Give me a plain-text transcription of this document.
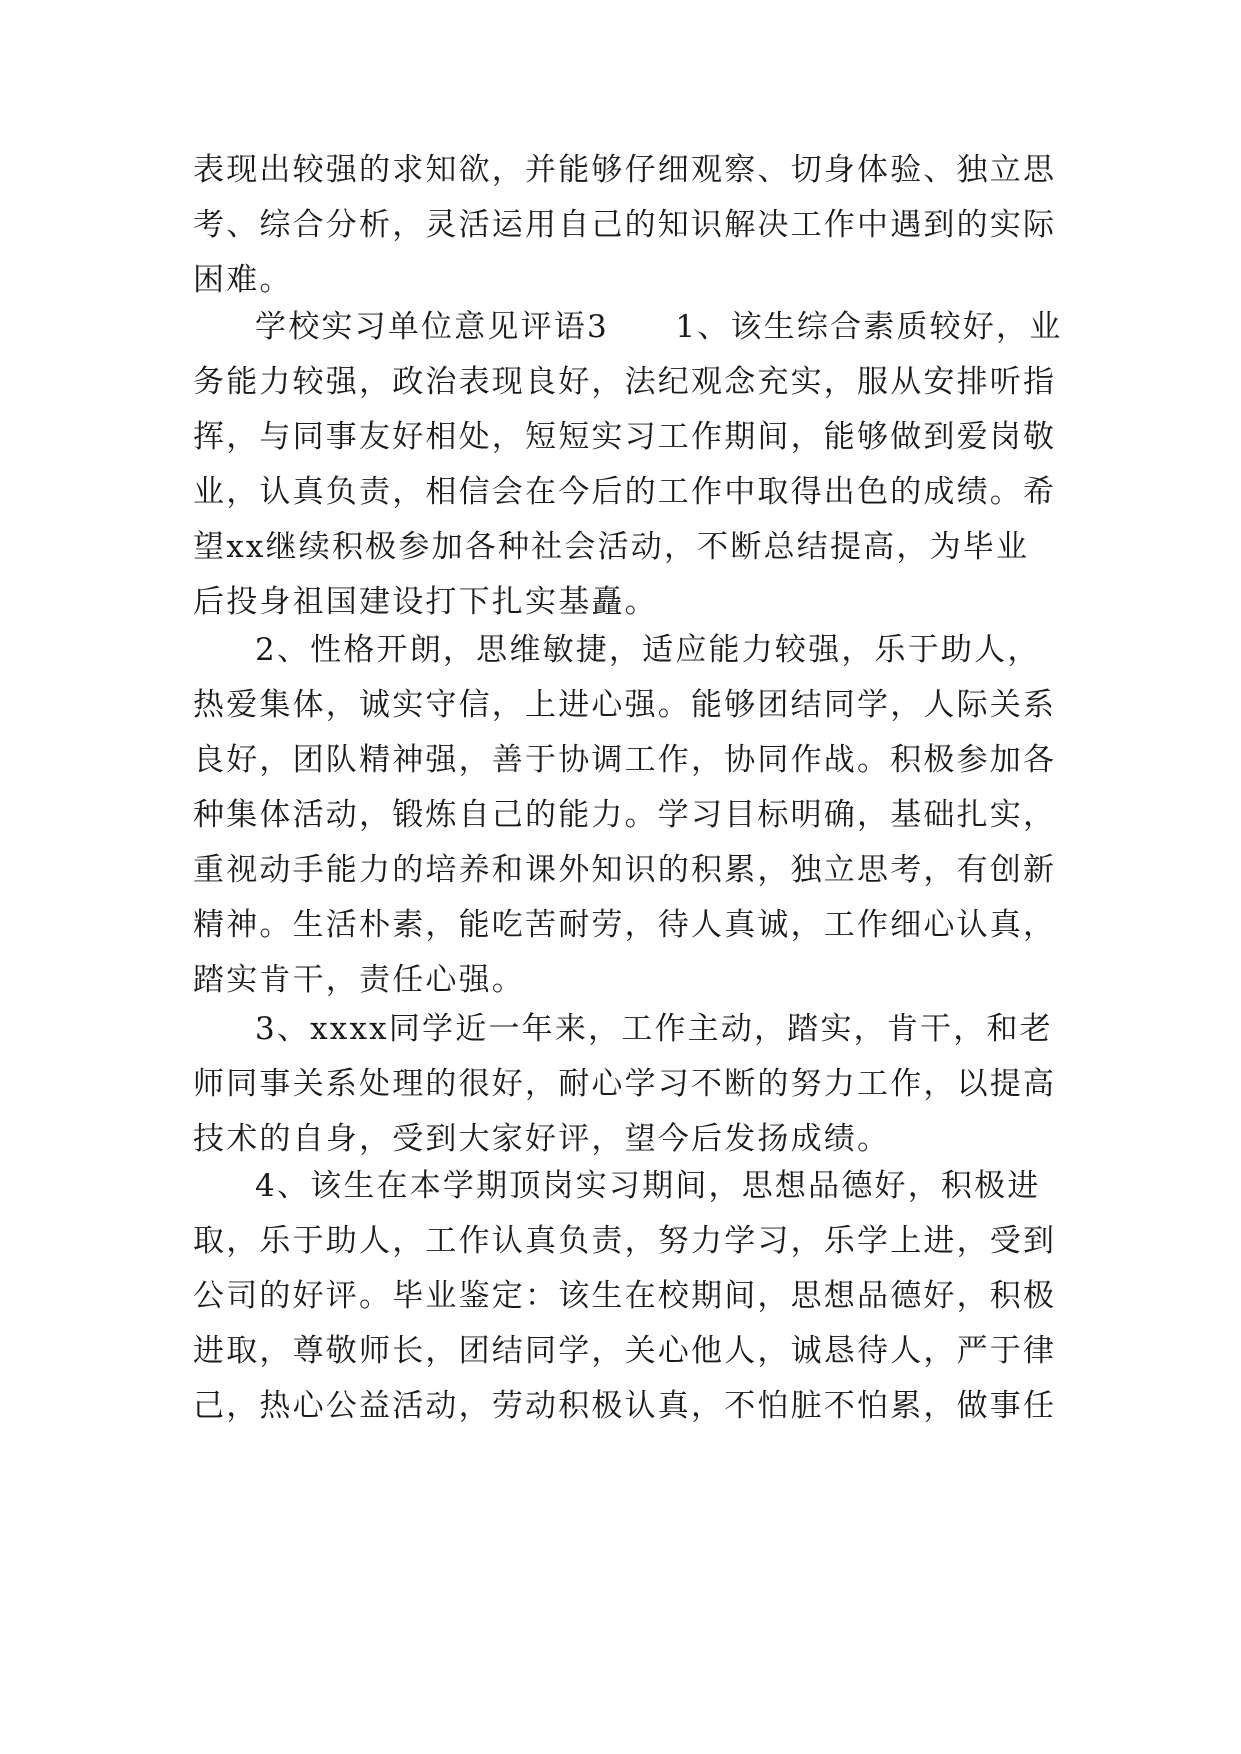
表现出较强的求知欲，并能够仔细观察、切身体验、独立思
考、综合分析，灵活运用自己的知识解决工作中遇到的实际
困难。
学校实习单位意见评语3　　1、该生综合素质较好，业
务能力较强，政治表现良好，法纪观念充实，服从安排听指
挥，与同事友好相处，短短实习工作期间，能够做到爱岗敬
业，认真负责，相信会在今后的工作中取得出色的成绩。希
望xx继续积极参加各种社会活动，不断总结提高，为毕业
后投身祖国建设打下扎实基矗。
2、性格开朗，思维敏捷，适应能力较强，乐于助人，
热爱集体，诚实守信，上进心强。能够团结同学，人际关系
良好，团队精神强，善于协调工作，协同作战。积极参加各
种集体活动，锻炼自己的能力。学习目标明确，基础扎实，
重视动手能力的培养和课外知识的积累，独立思考，有创新
精神。生活朴素，能吃苦耐劳，待人真诚，工作细心认真，
踏实肯干，责任心强。
3、xxxx同学近一年来，工作主动，踏实，肯干，和老
师同事关系处理的很好，耐心学习不断的努力工作，以提高
技术的自身，受到大家好评，望今后发扬成绩。
4、该生在本学期顶岗实习期间，思想品德好，积极进
取，乐于助人，工作认真负责，努力学习，乐学上进，受到
公司的好评。毕业鉴定：该生在校期间，思想品德好，积极
进取，尊敬师长，团结同学，关心他人，诚恳待人，严于律
己，热心公益活动，劳动积极认真，不怕脏不怕累，做事任
